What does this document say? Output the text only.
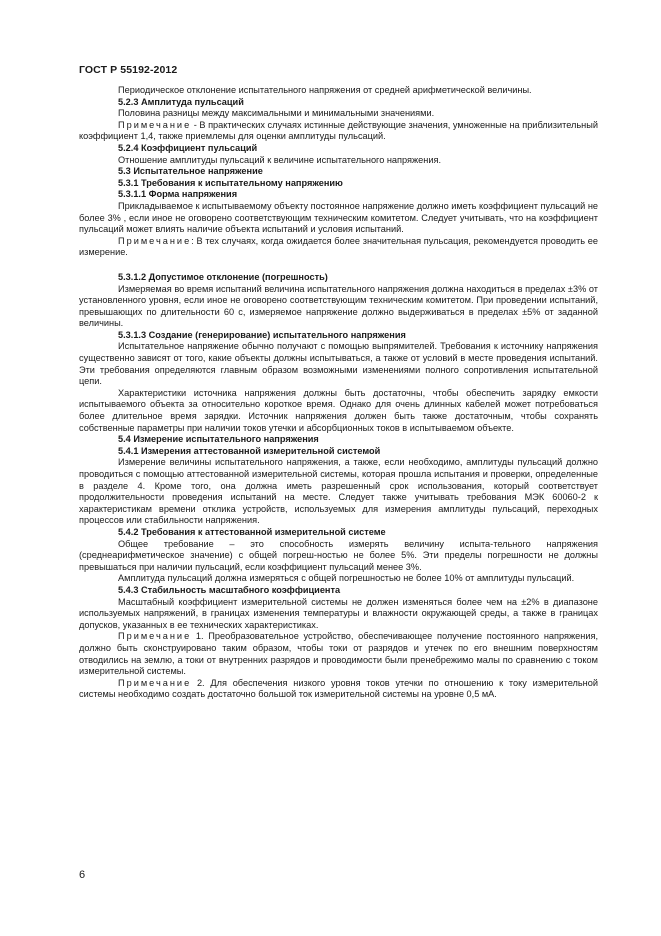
ГОСТ Р 55192-2012

Периодическое отклонение испытательного напряжения от средней арифметической величины.

5.2.3 Амплитуда пульсаций

Половина разницы между максимальными и минимальными значениями.

Примечание - В практических случаях истинные действующие значения, умноженные на приблизительный коэффициент 1,4, также приемлемы для оценки амплитуды пульсаций.

5.2.4 Коэффициент пульсаций

Отношение амплитуды пульсаций к величине испытательного напряжения.

5.3 Испытательное напряжение

5.3.1 Требования к испытательному напряжению

5.3.1.1 Форма напряжения

Прикладываемое к испытываемому объекту постоянное напряжение должно иметь коэффициент пульсаций не более 3% , если иное не оговорено соответствующим техническим комитетом. Следует учитывать, что на коэффициент пульсаций может влиять наличие объекта испытаний и условия испытаний.

Примечание: В тех случаях, когда ожидается более значительная пульсация, рекомендуется проводить ее измерение.

5.3.1.2 Допустимое отклонение (погрешность)

Измеряемая во время испытаний величина испытательного напряжения должна находиться в пределах ±3% от установленного уровня, если иное не оговорено соответствующим техническим комитетом. При проведении испытаний, превышающих по длительности 60 с, измеряемое напряжение должно выдерживаться в пределах ±5% от заданной величины.

5.3.1.3 Создание (генерирование) испытательного напряжения

Испытательное напряжение обычно получают с помощью выпрямителей. Требования к источнику напряжения существенно зависят от того, какие объекты должны испытываться, а также от условий в месте проведения испытаний. Эти требования определяются главным образом возможными изменениями полного сопротивления испытательной цепи.

Характеристики источника напряжения должны быть достаточны, чтобы обеспечить зарядку емкости испытываемого объекта за относительно короткое время. Однако для очень длинных кабелей может потребоваться более длительное время зарядки. Источник напряжения должен быть также достаточным, чтобы сохранять собственные параметры при наличии токов утечки и абсорбционных токов в испытываемом объекте.

5.4 Измерение испытательного напряжения

5.4.1 Измерения аттестованной измерительной системой

Измерение величины испытательного напряжения, а также, если необходимо, амплитуды пульсаций должно проводиться с помощью аттестованной измерительной системы, которая прошла испытания и проверки, определенные в разделе 4. Кроме того, она должна иметь разрешенный срок использования, который соответствует продолжительности проведения испытаний на месте. Следует также учитывать требования МЭК 60060-2 к характеристикам времени отклика устройств, используемых для измерения амплитуды пульсаций, переходных процессов или стабильности напряжения.

5.4.2 Требования к аттестованной измерительной системе

Общее требование – это способность измерять величину испыта-тельного напряжения (среднеарифметическое значение) с общей погреш-ностью не более 5%. Эти пределы погрешности не должны превышаться при наличии пульсаций, если коэффициент пульсаций менее 3%.

Амплитуда пульсаций должна измеряться с общей погрешностью не более 10% от амплитуды пульсаций.

5.4.3 Стабильность масштабного коэффициента

Масштабный коэффициент измерительной системы не должен изменяться более чем на ±2% в диапазоне используемых напряжений, в границах изменения температуры и влажности окружающей среды, а также в границах допусков, указанных в ее технических характеристиках.

Примечание 1. Преобразовательное устройство, обеспечивающее получение постоянного напряжения, должно быть сконструировано таким образом, чтобы токи от разрядов и утечек по его внешним поверхностям отводились на землю, а токи от внутренних разрядов и проводимости были пренебрежимо малы по сравнению с током измерительной системы.

Примечание 2. Для обеспечения низкого уровня токов утечки по отношению к току измерительной системы необходимо создать достаточно большой ток измерительной системы на уровне 0,5 мА.

6
